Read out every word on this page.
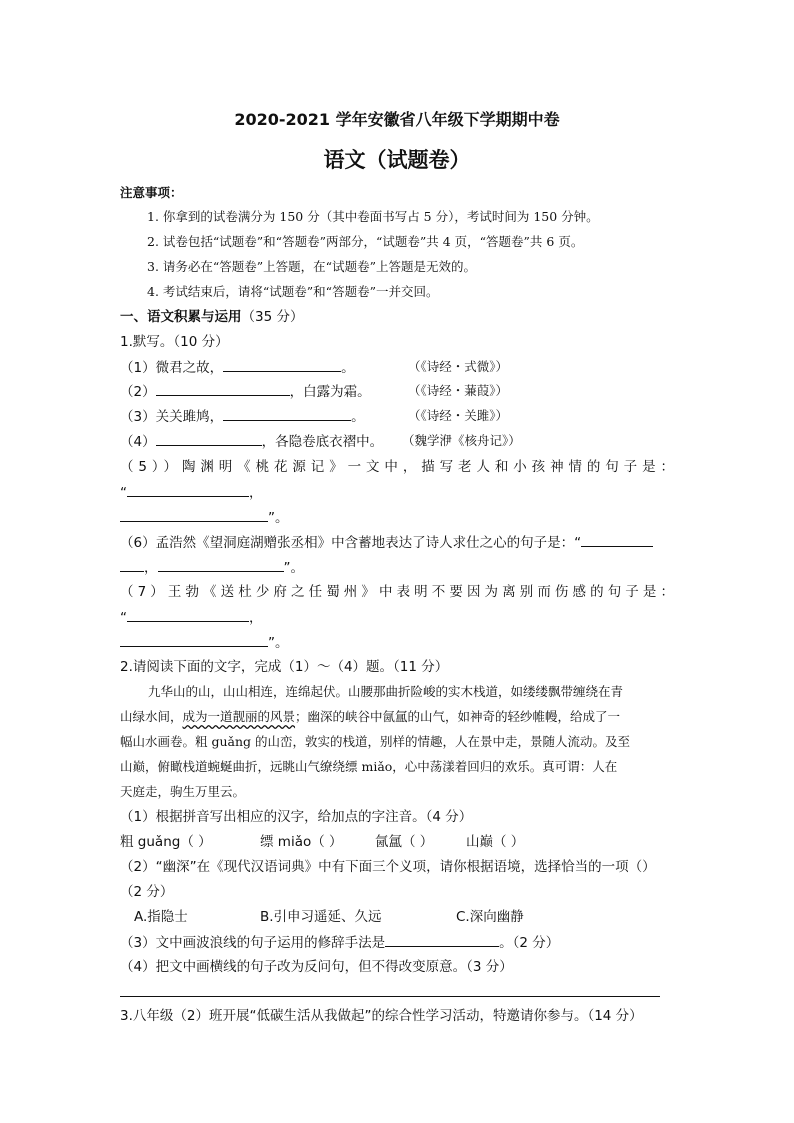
2020-2021 学年安徽省八年级下学期期中卷
语文（试题卷）
注意事项：
1. 你拿到的试卷满分为 150 分（其中卷面书写占 5 分），考试时间为 150 分钟。
2. 试卷包括“试题卷”和“答题卷”两部分，“试题卷”共 4 页，“答题卷”共 6 页。
3. 请务必在“答题卷”上答题，在“试题卷”上答题是无效的。
4. 考试结束后，请将“试题卷”和“答题卷”一并交回。
一、语文积累与运用（35 分）
1.默写。（10 分）
（1）微君之故，	。	（《诗经・式微》）
（2）	，白露为霜。	（《诗经・蒹葭》）
（3）关关雎鸠，	。	（《诗经・关雎》）
（4）	，各隐卷底衣褶中。 （魏学洢《核舟记》）
（5））陶渊明《桃花源记》一文中，描写老人和小孩神情的句子是：
“	，
”。
（6）孟浩然《望洞庭湖赠张丞相》中含蓄地表达了诗人求仕之心的句子是：“
，	”。
（7）王勃《送杜少府之任蜀州》中表明不要因为离别而伤感的句子是：
“	，
”。
2.请阅读下面的文字，完成（1）～（4）题。（11 分）
九华山的山，山山相连，连绵起伏。山腰那曲折险峻的实木栈道，如缕缕飘带缠绕在青
山绿水间，成为一道靓丽的风景；幽深的峡谷中氤氲的山气，如神奇的轻纱帷幔，给成了一
幅山水画卷。粗 guǎng 的山峦，敦实的栈道，别样的情趣，人在景中走，景随人流动。及至
山巅，俯瞰栈道蜿蜒曲折，远眺山气缭绕缥 miǎo，心中荡漾着回归的欢乐。真可谓：人在
天庭走，驹生万里云。
（1）根据拼音写出相应的汉字，给加点的字注音。（4 分）
粗 guǎng（ ）	缥 miǎo（ ） 氤氲（ ） 山巅（ ）
（2）“幽深”在《现代汉语词典》中有下面三个义项，请你根据语境，选择恰当的一项（）
（2 分）
A.指隐士	B.引申习遥延、久远	C.深向幽静
（3）文中画波浪线的句子运用的修辞手法是	。（2 分）
（4）把文中画横线的句子改为反问句，但不得改变原意。（3 分）
3.八年级（2）班开展“低碳生活从我做起”的综合性学习活动，特邀请你参与。（14 分）
